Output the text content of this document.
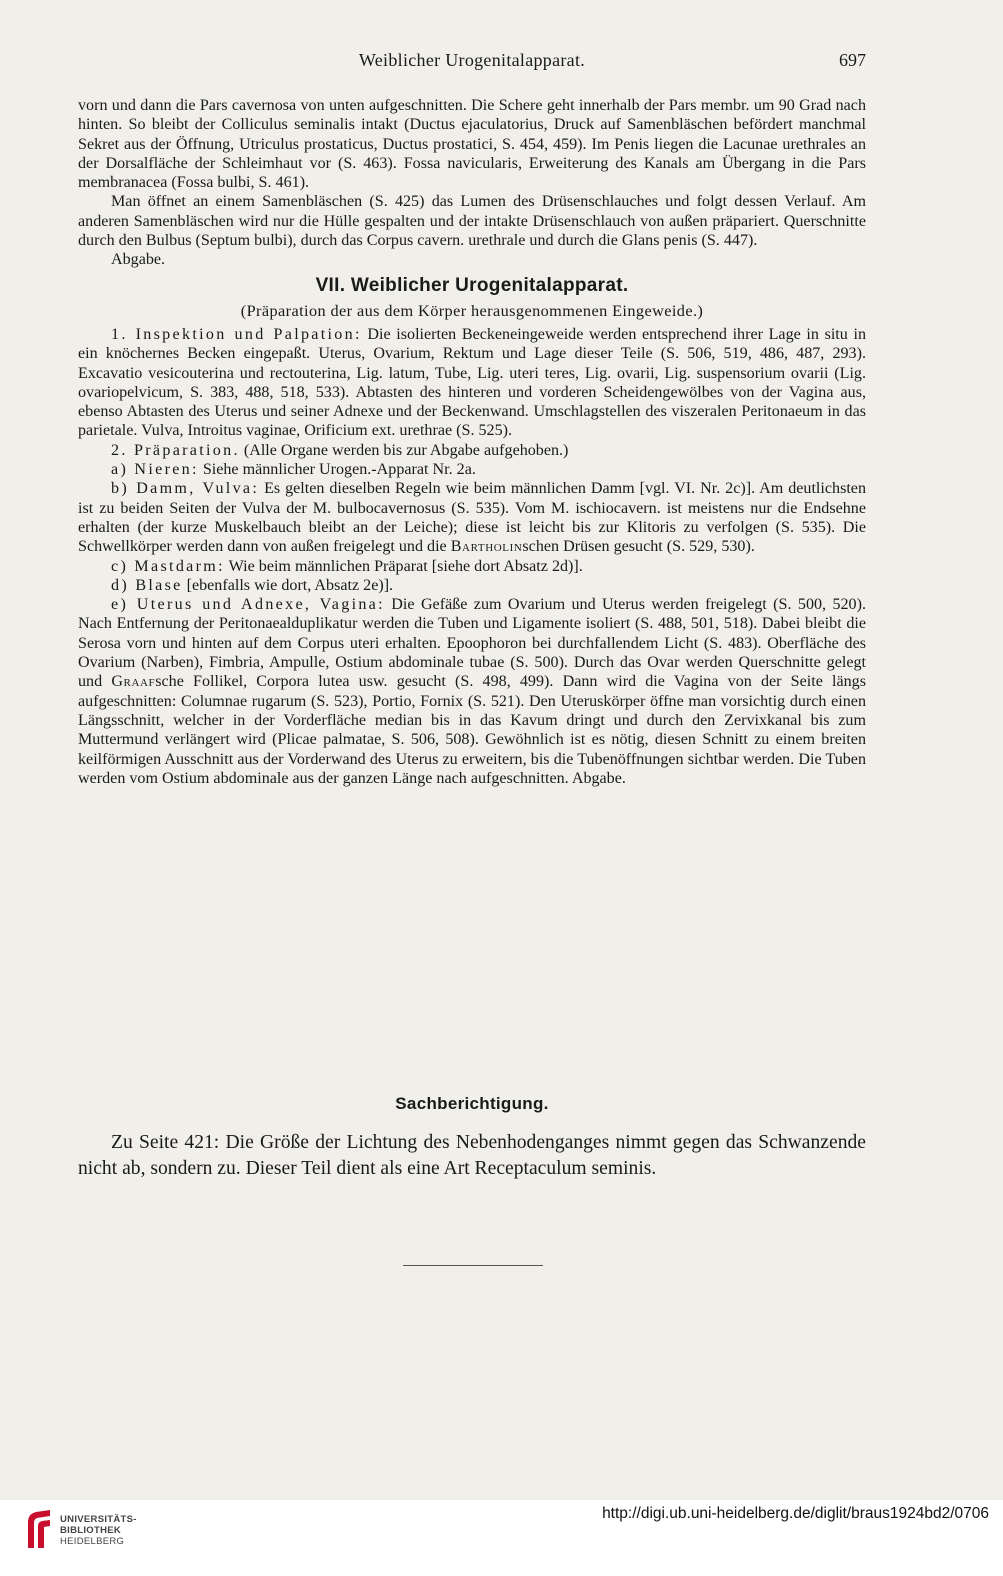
Weiblicher Urogenitalapparat.	697

vorn und dann die Pars cavernosa von unten aufgeschnitten. Die Schere geht innerhalb der Pars membr. um 90 Grad nach hinten. So bleibt der Colliculus seminalis intakt (Ductus ejaculatorius, Druck auf Samenbläschen befördert manchmal Sekret aus der Öffnung, Utriculus prostaticus, Ductus prostatici, S. 454, 459). Im Penis liegen die Lacunae urethrales an der Dorsalfläche der Schleimhaut vor (S. 463). Fossa navicularis, Erweiterung des Kanals am Übergang in die Pars membranacea (Fossa bulbi, S. 461).

Man öffnet an einem Samenbläschen (S. 425) das Lumen des Drüsenschlauches und folgt dessen Verlauf. Am anderen Samenbläschen wird nur die Hülle gespalten und der intakte Drüsenschlauch von außen präpariert. Querschnitte durch den Bulbus (Septum bulbi), durch das Corpus cavern. urethrale und durch die Glans penis (S. 447).

Abgabe.

VII. Weiblicher Urogenitalapparat.

(Präparation der aus dem Körper herausgenommenen Eingeweide.)

1. Inspektion und Palpation: Die isolierten Beckeneingeweide werden entsprechend ihrer Lage in situ in ein knöchernes Becken eingepaßt. Uterus, Ovarium, Rektum und Lage dieser Teile (S. 506, 519, 486, 487, 293). Excavatio vesicouterina und rectouterina, Lig. latum, Tube, Lig. uteri teres, Lig. ovarii, Lig. suspensorium ovarii (Lig. ovariopelvicum, S. 383, 488, 518, 533). Abtasten des hinteren und vorderen Scheidengewölbes von der Vagina aus, ebenso Abtasten des Uterus und seiner Adnexe und der Beckenwand. Umschlagstellen des viszeralen Peritonaeum in das parietale. Vulva, Introitus vaginae, Orificium ext. urethrae (S. 525).

2. Präparation. (Alle Organe werden bis zur Abgabe aufgehoben.)

a) Nieren: Siehe männlicher Urogen.-Apparat Nr. 2a.

b) Damm, Vulva: Es gelten dieselben Regeln wie beim männlichen Damm [vgl. VI. Nr. 2c)]. Am deutlichsten ist zu beiden Seiten der Vulva der M. bulbocavernosus (S. 535). Vom M. ischiocavern. ist meistens nur die Endsehne erhalten (der kurze Muskelbauch bleibt an der Leiche); diese ist leicht bis zur Klitoris zu verfolgen (S. 535). Die Schwellkörper werden dann von außen freigelegt und die Bartholinschen Drüsen gesucht (S. 529, 530).

c) Mastdarm: Wie beim männlichen Präparat [siehe dort Absatz 2d)].

d) Blase [ebenfalls wie dort, Absatz 2e)].

e) Uterus und Adnexe, Vagina: Die Gefäße zum Ovarium und Uterus werden freigelegt (S. 500, 520). Nach Entfernung der Peritonaealduplikatur werden die Tuben und Ligamente isoliert (S. 488, 501, 518). Dabei bleibt die Serosa vorn und hinten auf dem Corpus uteri erhalten. Epoophoron bei durchfallendem Licht (S. 483). Oberfläche des Ovarium (Narben), Fimbria, Ampulle, Ostium abdominale tubae (S. 500). Durch das Ovar werden Querschnitte gelegt und Graafsche Follikel, Corpora lutea usw. gesucht (S. 498, 499). Dann wird die Vagina von der Seite längs aufgeschnitten: Columnae rugarum (S. 523), Portio, Fornix (S. 521). Den Uteruskörper öffne man vorsichtig durch einen Längsschnitt, welcher in der Vorderfläche median bis in das Kavum dringt und durch den Zervixkanal bis zum Muttermund verlängert wird (Plicae palmatae, S. 506, 508). Gewöhnlich ist es nötig, diesen Schnitt zu einem breiten keilförmigen Ausschnitt aus der Vorderwand des Uterus zu erweitern, bis die Tubenöffnungen sichtbar werden. Die Tuben werden vom Ostium abdominale aus der ganzen Länge nach aufgeschnitten. Abgabe.

Sachberichtigung.

Zu Seite 421: Die Größe der Lichtung des Nebenhodenganges nimmt gegen das Schwanzende nicht ab, sondern zu. Dieser Teil dient als eine Art Receptaculum seminis.

UNIVERSITÄTS-
BIBLIOTHEK
HEIDELBERG
http://digi.ub.uni-heidelberg.de/diglit/braus1924bd2/0706
